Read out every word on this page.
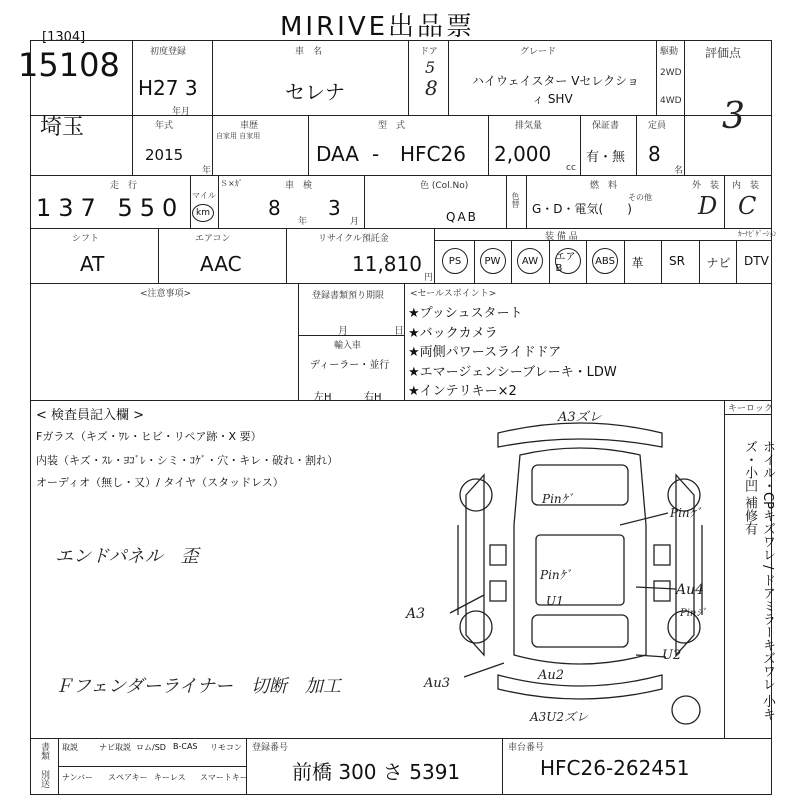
MIRIVE出品票
[1304]
15108
埼玉
初度登録
H27 3
年月
車　名
セレナ
ドア
5
8
グレード
ハイウェイスター Vセレクショ
ィ SHV
駆動
2WD
4WD
評価点
3
年式
2015
年
車歴
自家用 自家用
型　式
DAA - HFC26
排気量
2,000
cc
保証書
有・無
定員
8
名
走　行
137 550 マイル
km
Ｓ×ｶﾞ	車　検
8
年
3
月
色 (Col.No)
QAB
色替
燃　料
その他
G・D・電気(　　)
外　装
D
内　装
C
シフト
AT
エアコン
AAC
リサイクル預託金
11,810
円
装 備 品	ｶｰﾅﾋﾞｹﾞｰｼｮﾝ
PS	PW	AW	エアB
ABS 革 SR ナビ DTV
<注意事項>	登録書類預り期限
月	日
輸入車
ディーラー・並行
左H	右H
<セールスポイント>
★プッシュスタート
★バックカメラ
★両側パワースライドドア
★エマージェンシーブレーキ・LDW
★インテリキー×2
< 検査員記入欄 >
Fガラス（キズ・ﾜﾚ・ヒビ・リペア跡・X 要）
内装（キズ・ｽﾚ・ﾖｺﾞﾚ・シミ・ｺｹﾞ・穴・キレ・破れ・割れ）
オーディオ（無し・又）/ タイヤ（スタッドレス）
エンドパネル　歪
Ｆフェンダーライナー　切断　加工
キーロック
ホイル・CPキズワレ / ドアミラーキズワレ 小キズ・小凹 補修有
A3ズレ
Pinｹﾞ
Pinｹﾞ
Pinｹﾞ
U1
Au4
Pinｼﾞ
A3
U2
Au2
Au3
A3U2ズレ
書類
別送
取説	ナビ取説 ロム/SD B-CAS リモコン
ナンバー スペアキー キーレス スマートキー
登録番号
前橋 300 さ 5391
車台番号
HFC26-262451
